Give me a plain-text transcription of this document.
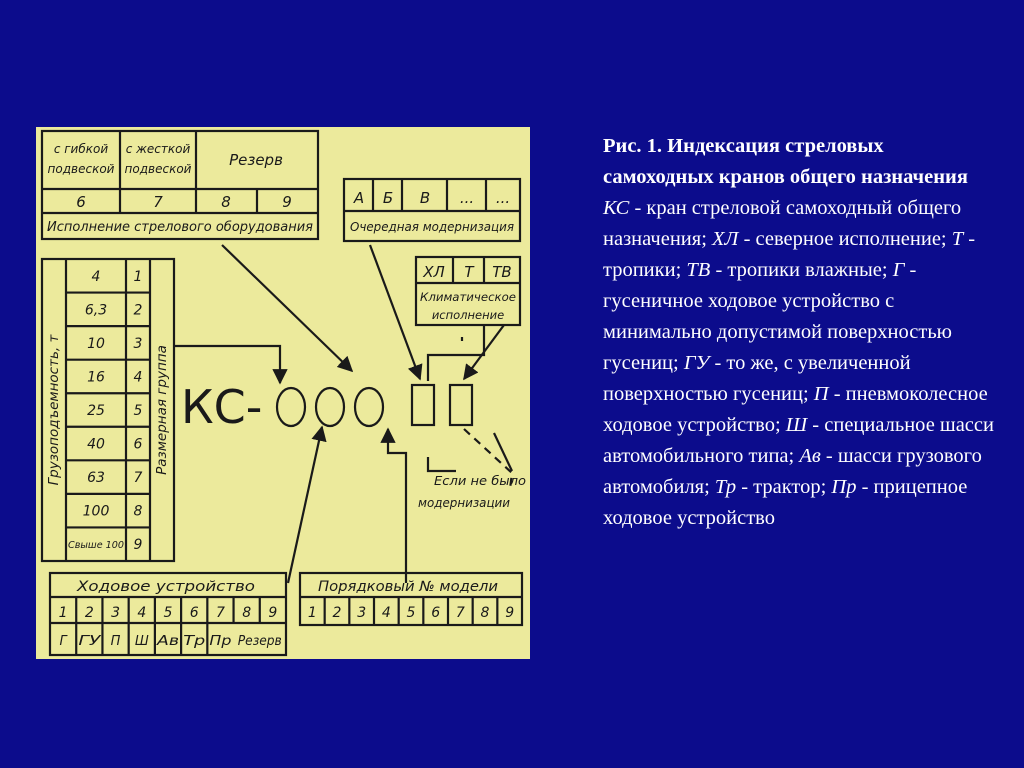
с гибкой
подвеской
с жесткой
подвеской	Резерв
6	7	8	9
Исполнение стрелового оборудования
А Б В ... ...
Очередная модернизация
ХЛ Т ТВ
Климатическое
исполнение
4 1
6,3 2
10 3
16 4
25 5
40 6
63 7
100 8
Свыше 100 9
Грузоподъемность, т	Размерная группа КС-
Если не было
модернизации
Ходовое устройство
1 2 3 4 5 6 7 8 9
Г ГУ П Ш Ав Тр Пр Резерв
Порядковый № модели
1 2 3 4 5 6 7 8 9
Рис. 1. Индексация стреловых самоходных кранов общего назначения
КС - кран стреловой самоходный общего назначения; ХЛ - северное исполнение; Т - тропики; ТВ - тропики влажные; Г - гусеничное ходовое устройство с минимально допустимой поверхностью гусениц; ГУ - то же, с увеличенной поверхностью гусениц; П - пневмоколесное ходовое устройство; Ш - специальное шасси автомобильного типа; Ав - шасси грузового автомобиля; Тр - трактор; Пр - прицепное ходовое устройство
